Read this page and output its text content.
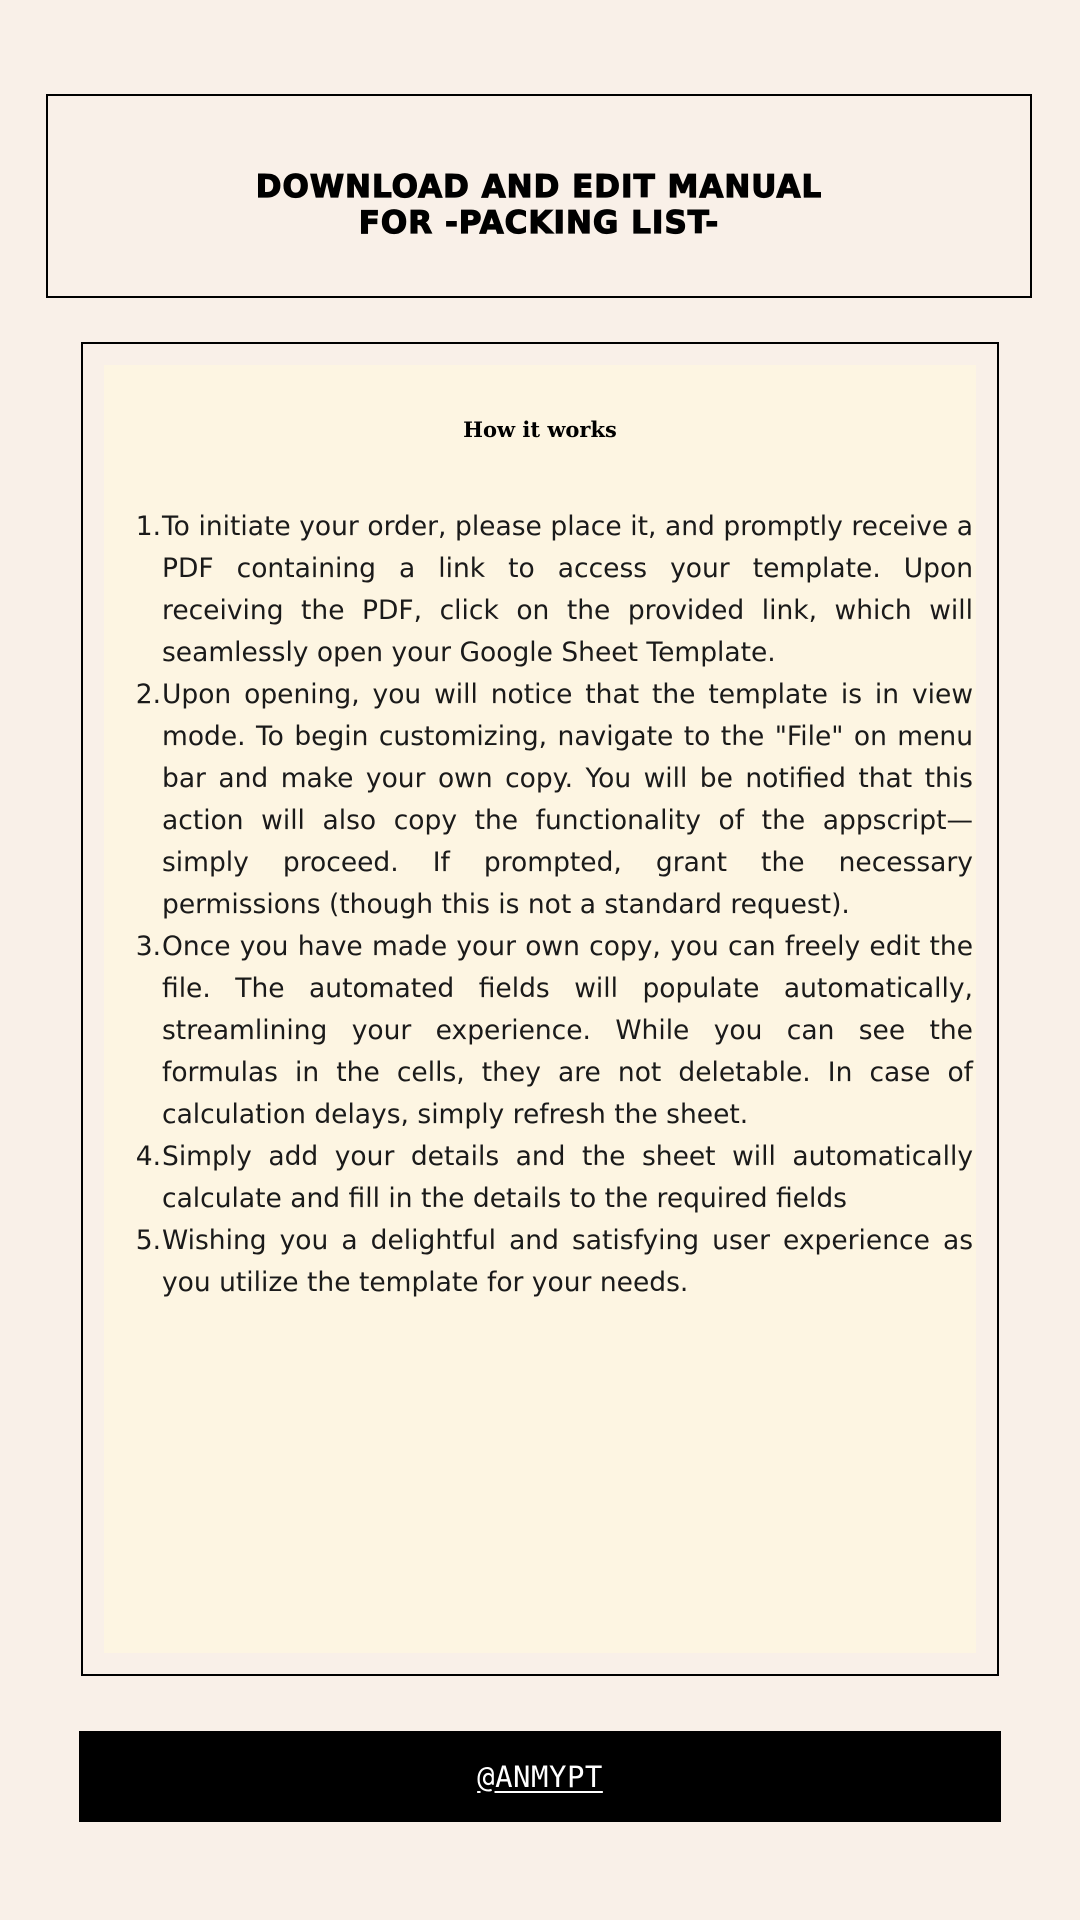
DOWNLOAD AND EDIT MANUAL
FOR -PACKING LIST-
How it works
1. To initiate your order, please place it, and promptly receive a PDF containing a link to access your template. Upon receiving the PDF, click on the provided link, which will seamlessly open your Google Sheet Template.
2. Upon opening, you will notice that the template is in view mode. To begin customizing, navigate to the "File" on menu bar and make your own copy. You will be notified that this action will also copy the functionality of the appscript—simply proceed. If prompted, grant the necessary permissions (though this is not a standard request).
3. Once you have made your own copy, you can freely edit the file. The automated fields will populate automatically, streamlining your experience. While you can see the formulas in the cells, they are not deletable. In case of calculation delays, simply refresh the sheet.
4. Simply add your details and the sheet will automatically calculate and fill in the details to the required fields
5. Wishing you a delightful and satisfying user experience as you utilize the template for your needs.
@ANMYPT
